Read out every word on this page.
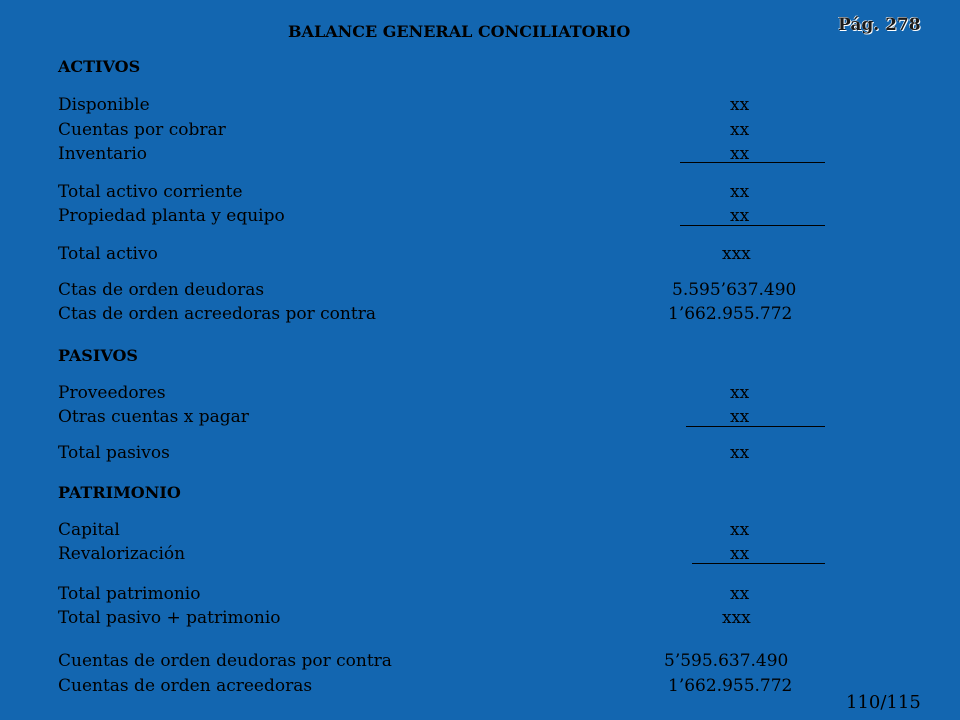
BALANCE GENERAL CONCILIATORIO	Pág. 278
ACTIVOS
Disponible	xx
Cuentas por cobrar	xx
Inventario	xx
Total activo corriente	xx
Propiedad planta y equipo	xx
Total activo	xxx
Ctas de orden deudoras	5.595’637.490
Ctas de orden acreedoras por contra	1’662.955.772
PASIVOS
Proveedores	xx
Otras cuentas x pagar	xx
Total pasivos	xx
PATRIMONIO
Capital	xx
Revalorización	xx
Total patrimonio	xx
Total pasivo + patrimonio	xxx
Cuentas de orden deudoras por contra	5’595.637.490
Cuentas de orden acreedoras	1’662.955.772
110/115
